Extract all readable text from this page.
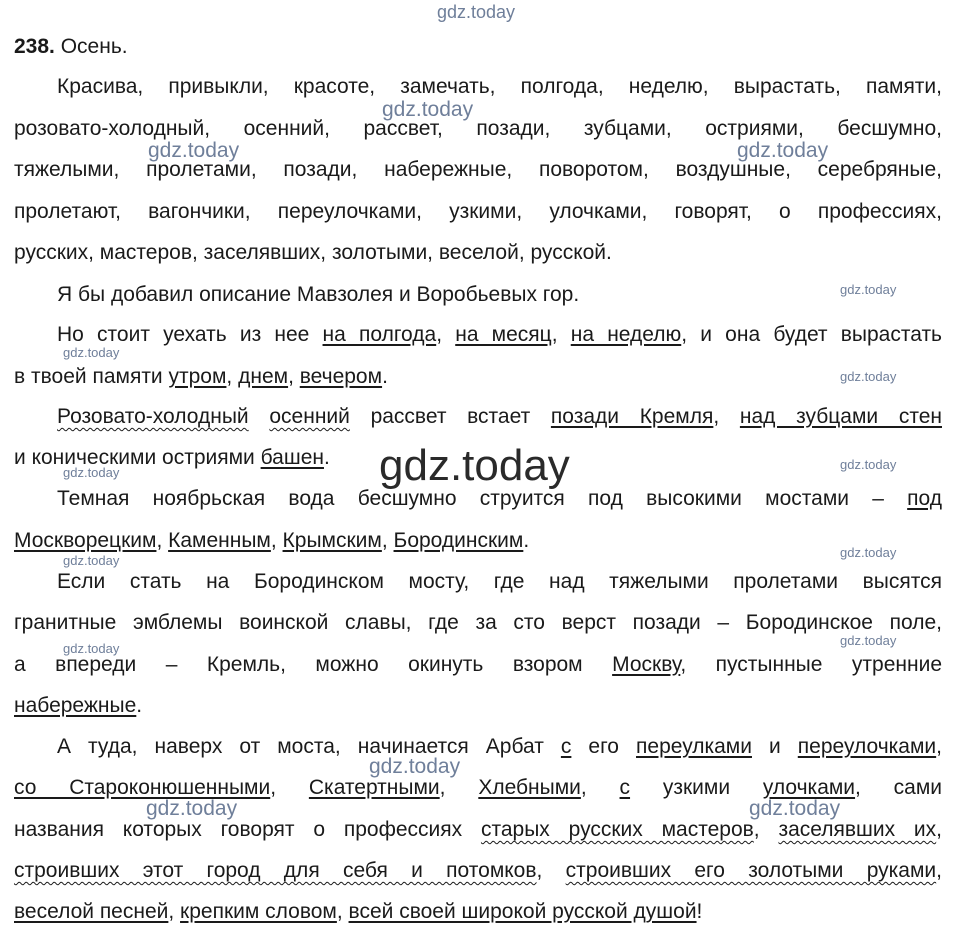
gdz.today
238. Осень.
Красива, привыкли, красоте, замечать, полгода, неделю, вырастать, памяти,
розовато-холодный, осенний, рассвет, позади, зубцами, остриями, бесшумно,
тяжелыми, пролетами, позади, набережные, поворотом, воздушные, серебряные,
пролетают, вагончики, переулочками, узкими, улочками, говорят, о профессиях,
русских, мастеров, заселявших, золотыми, веселой, русской.
Я бы добавил описание Мавзолея и Воробьевых гор.
Но стоит уехать из нее на полгода, на месяц, на неделю, и она будет вырастать
в твоей памяти утром, днем, вечером.
Розовато-холодный осенний рассвет встает позади Кремля, над зубцами стен
и коническими остриями башен.
Темная ноябрьская вода бесшумно струится под высокими мостами – под
Москворецким, Каменным, Крымским, Бородинским.
Если стать на Бородинском мосту, где над тяжелыми пролетами высятся
гранитные эмблемы воинской славы, где за сто верст позади – Бородинское поле,
а впереди – Кремль, можно окинуть взором Москву, пустынные утренние
набережные.
А туда, наверх от моста, начинается Арбат с его переулками и переулочками,
со Староконюшенными, Скатертными, Хлебными, с узкими улочками, сами
названия которых говорят о профессиях старых русских мастеров, заселявших их,
строивших этот город для себя и потомков, строивших его золотыми руками,
веселой песней, крепким словом, всей своей широкой русской душой!
gdz.today
gdz.today	gdz.today
gdz.today
gdz.today
gdz.today
gdz.today
gdz.today
gdz.today
gdz.today
gdz.today
gdz.today
gdz.today
gdz.today
gdz.today	gdz.today
